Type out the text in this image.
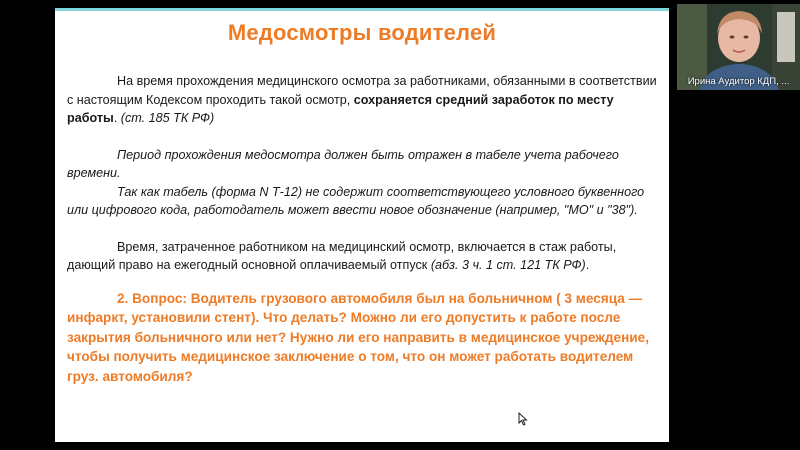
Медосмотры водителей

На время прохождения медицинского осмотра за работниками, обязанными в соответствии с настоящим Кодексом проходить такой осмотр, сохраняется средний заработок по месту работы. (ст. 185 ТК РФ)

Период прохождения медосмотра должен быть отражен в табеле учета рабочего времени.

Так как табель (форма N Т-12) не содержит соответствующего условного буквенного или цифрового кода, работодатель может ввести новое обозначение (например, "МО" и "38").

Время, затраченное работником на медицинский осмотр, включается в стаж работы, дающий право на ежегодный основной оплачиваемый отпуск (абз. 3 ч. 1 ст. 121 ТК РФ).

2. Вопрос: Водитель грузового автомобиля был на больничном ( 3 месяца — инфаркт, установили стент). Что делать? Можно ли его допустить к работе после закрытия больничного или нет? Нужно ли его направить в медицинское учреждение, чтобы получить медицинское заключение о том, что он может работать водителем груз. автомобиля?

Ирина Аудитор КДП, ...
